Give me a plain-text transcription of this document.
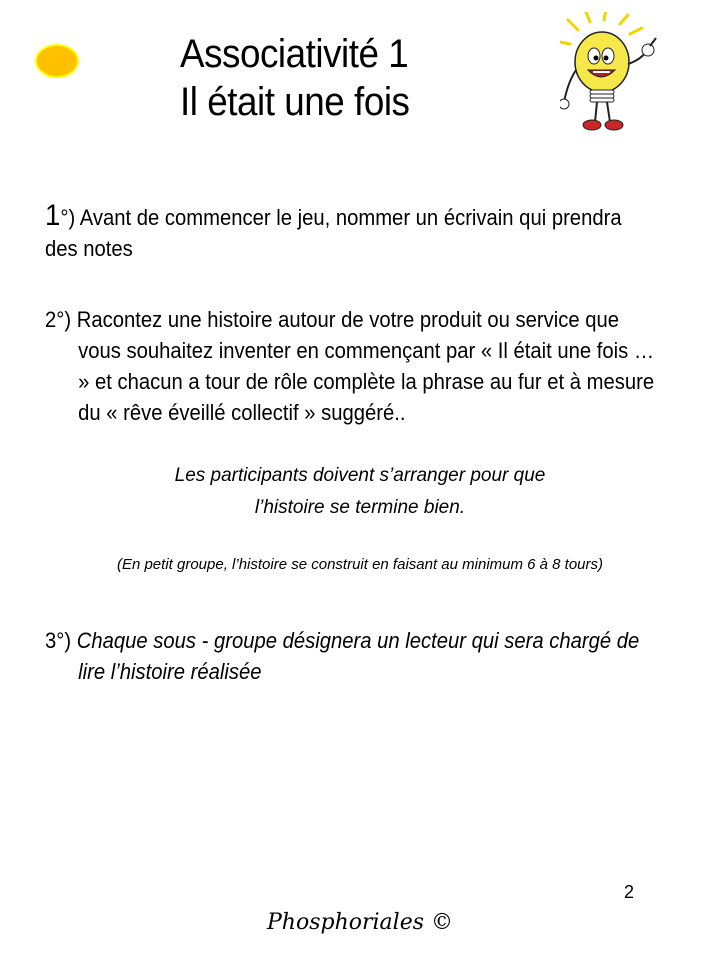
Associativité 1
Il était une fois
1°) Avant de commencer le jeu, nommer un écrivain qui prendra des notes
2°) Racontez une histoire autour de votre produit ou service que vous souhaitez inventer en commençant par « Il était une fois … » et chacun a tour de rôle complète la phrase au fur et à mesure du « rêve éveillé collectif » suggéré..
Les participants doivent s’arranger pour que
l’histoire se termine bien.
(En petit groupe, l’histoire se construit en faisant au minimum 6 à 8 tours)
3°) Chaque sous - groupe désignera un lecteur qui sera chargé de lire l’histoire réalisée
2
Phosphoriales ©
